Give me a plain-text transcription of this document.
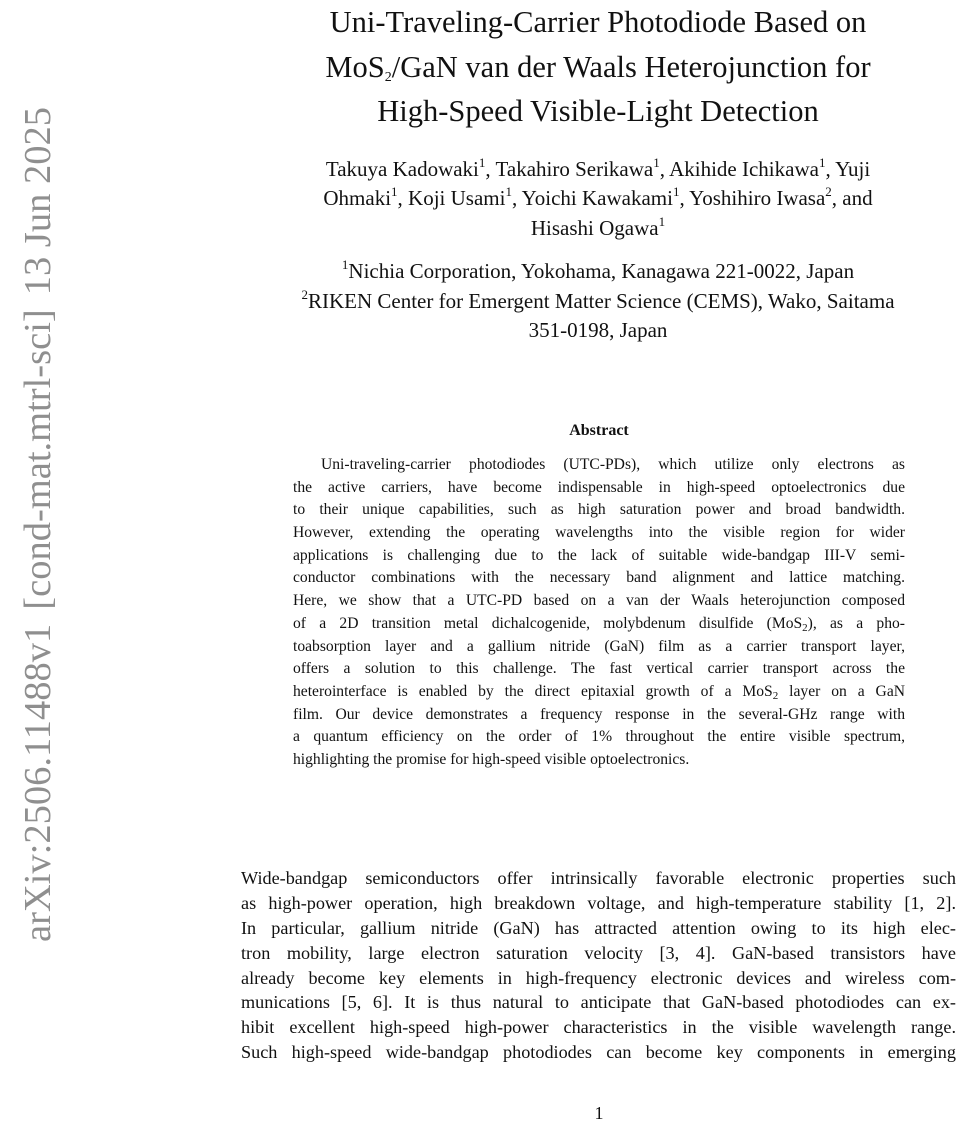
arXiv:2506.11488v1[cond-mat.mtrl-sci]13 Jun 2025
Uni-Traveling-Carrier Photodiode Based on
MoS$_2$/GaN van der Waals Heterojunction for
High-Speed Visible-Light Detection
Takuya Kadowaki$^1$, Takahiro Serikawa$^1$, Akihide Ichikawa$^1$, Yuji
Ohmaki$^1$, Koji Usami$^1$, Yoichi Kawakami$^1$, Yoshihiro Iwasa$^2$, and
Hisashi Ogawa$^1$
$^1$Nichia Corporation, Yokohama, Kanagawa 221-0022, Japan
$^2$RIKEN Center for Emergent Matter Science (CEMS), Wako, Saitama
351-0198, Japan
Abstract
Uni-traveling-carrier photodiodes (UTC-PDs), which utilize only electrons as
the active carriers, have become indispensable in high-speed optoelectronics due
to their unique capabilities, such as high saturation power and broad bandwidth.
However, extending the operating wavelengths into the visible region for wider
applications is challenging due to the lack of suitable wide-bandgap III-V semi-
conductor combinations with the necessary band alignment and lattice matching.
Here, we show that a UTC-PD based on a van der Waals heterojunction composed
of a 2D transition metal dichalcogenide, molybdenum disulfide (MoS$_2$), as a pho-
toabsorption layer and a gallium nitride (GaN) film as a carrier transport layer,
offers a solution to this challenge. The fast vertical carrier transport across the
heterointerface is enabled by the direct epitaxial growth of a MoS$_2$ layer on a GaN
film. Our device demonstrates a frequency response in the several-GHz range with
a quantum efficiency on the order of 1% throughout the entire visible spectrum,
highlighting the promise for high-speed visible optoelectronics.
Wide-bandgap semiconductors offer intrinsically favorable electronic properties such
as high-power operation, high breakdown voltage, and high-temperature stability [1, 2].
In particular, gallium nitride (GaN) has attracted attention owing to its high elec-
tron mobility, large electron saturation velocity [3, 4]. GaN-based transistors have
already become key elements in high-frequency electronic devices and wireless com-
munications [5, 6]. It is thus natural to anticipate that GaN-based photodiodes can ex-
hibit excellent high-speed high-power characteristics in the visible wavelength range.
Such high-speed wide-bandgap photodiodes can become key components in emerging
1
